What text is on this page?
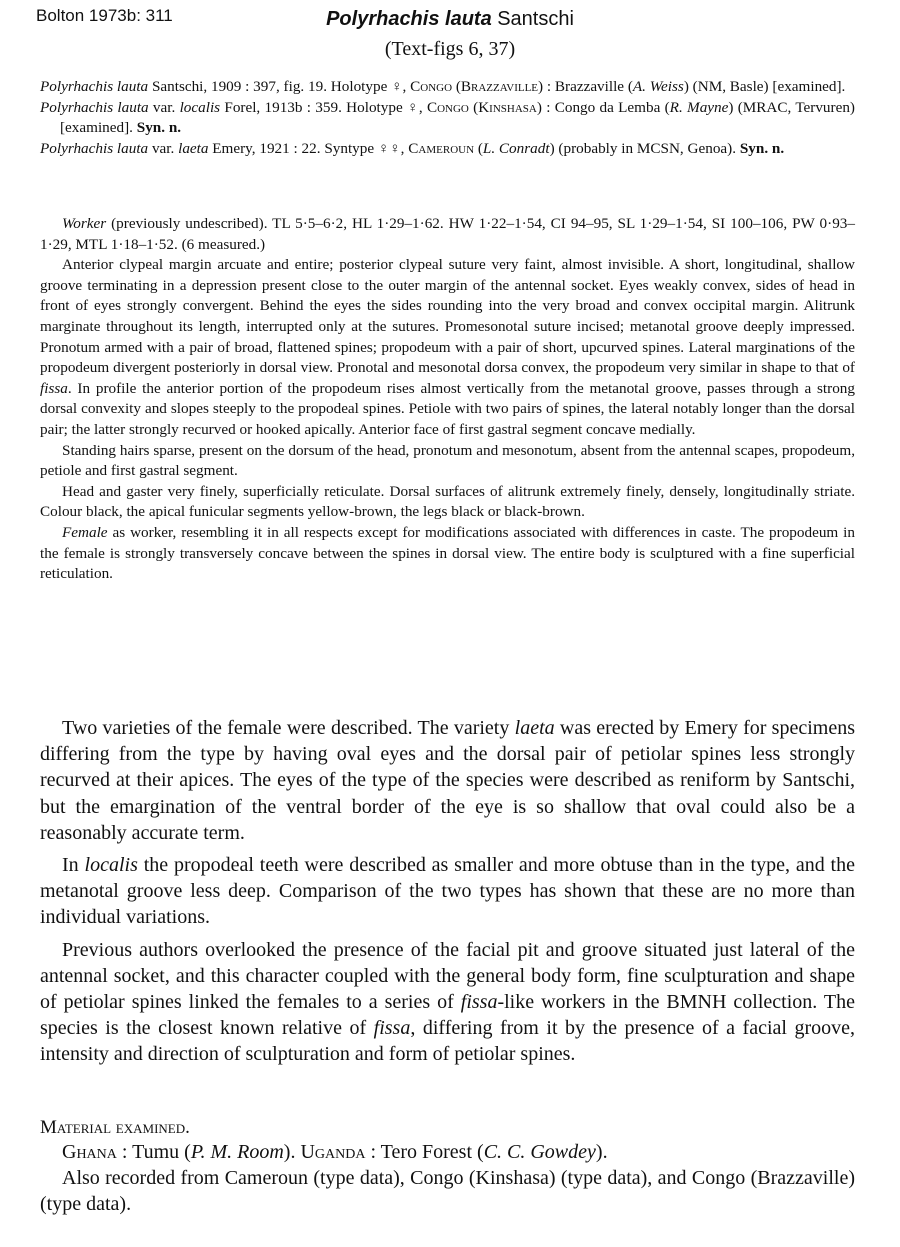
Bolton 1973b: 311	Polyrhachis lauta Santschi
(Text-figs 6, 37)

Polyrhachis lauta Santschi, 1909 : 397, fig. 19. Holotype ♀, Congo (Brazzaville) : Brazzaville (A. Weiss) (NM, Basle) [examined].

Polyrhachis lauta var. localis Forel, 1913b : 359. Holotype ♀, Congo (Kinshasa) : Congo da Lemba (R. Mayne) (MRAC, Tervuren) [examined]. Syn. n.

Polyrhachis lauta var. laeta Emery, 1921 : 22. Syntype ♀♀, Cameroun (L. Conradt) (probably in MCSN, Genoa). Syn. n.

Worker (previously undescribed). TL 5·5–6·2, HL 1·29–1·62. HW 1·22–1·54, CI 94–95, SL 1·29–1·54, SI 100–106, PW 0·93–1·29, MTL 1·18–1·52. (6 measured.)

Anterior clypeal margin arcuate and entire; posterior clypeal suture very faint, almost invisible. A short, longitudinal, shallow groove terminating in a depression present close to the outer margin of the antennal socket. Eyes weakly convex, sides of head in front of eyes strongly convergent. Behind the eyes the sides rounding into the very broad and convex occipital margin. Alitrunk marginate throughout its length, interrupted only at the sutures. Promesonotal suture incised; metanotal groove deeply impressed. Pronotum armed with a pair of broad, flattened spines; propodeum with a pair of short, upcurved spines. Lateral marginations of the propodeum divergent posteriorly in dorsal view. Pronotal and mesonotal dorsa convex, the propodeum very similar in shape to that of fissa. In profile the anterior portion of the propodeum rises almost vertically from the metanotal groove, passes through a strong dorsal convexity and slopes steeply to the propodeal spines. Petiole with two pairs of spines, the lateral notably longer than the dorsal pair; the latter strongly recurved or hooked apically. Anterior face of first gastral segment concave medially.

Standing hairs sparse, present on the dorsum of the head, pronotum and mesonotum, absent from the antennal scapes, propodeum, petiole and first gastral segment.

Head and gaster very finely, superficially reticulate. Dorsal surfaces of alitrunk extremely finely, densely, longitudinally striate. Colour black, the apical funicular segments yellow-brown, the legs black or black-brown.

Female as worker, resembling it in all respects except for modifications associated with differences in caste. The propodeum in the female is strongly transversely concave between the spines in dorsal view. The entire body is sculptured with a fine superficial reticulation.

Two varieties of the female were described. The variety laeta was erected by Emery for specimens differing from the type by having oval eyes and the dorsal pair of petiolar spines less strongly recurved at their apices. The eyes of the type of the species were described as reniform by Santschi, but the emargination of the ventral border of the eye is so shallow that oval could also be a reasonably accurate term.

In localis the propodeal teeth were described as smaller and more obtuse than in the type, and the metanotal groove less deep. Comparison of the two types has shown that these are no more than individual variations.

Previous authors overlooked the presence of the facial pit and groove situated just lateral of the antennal socket, and this character coupled with the general body form, fine sculpturation and shape of petiolar spines linked the females to a series of fissa-like workers in the BMNH collection. The species is the closest known relative of fissa, differing from it by the presence of a facial groove, intensity and direction of sculpturation and form of petiolar spines.

Material examined.

Ghana : Tumu (P. M. Room). Uganda : Tero Forest (C. C. Gowdey).

Also recorded from Cameroun (type data), Congo (Kinshasa) (type data), and Congo (Brazzaville) (type data).
